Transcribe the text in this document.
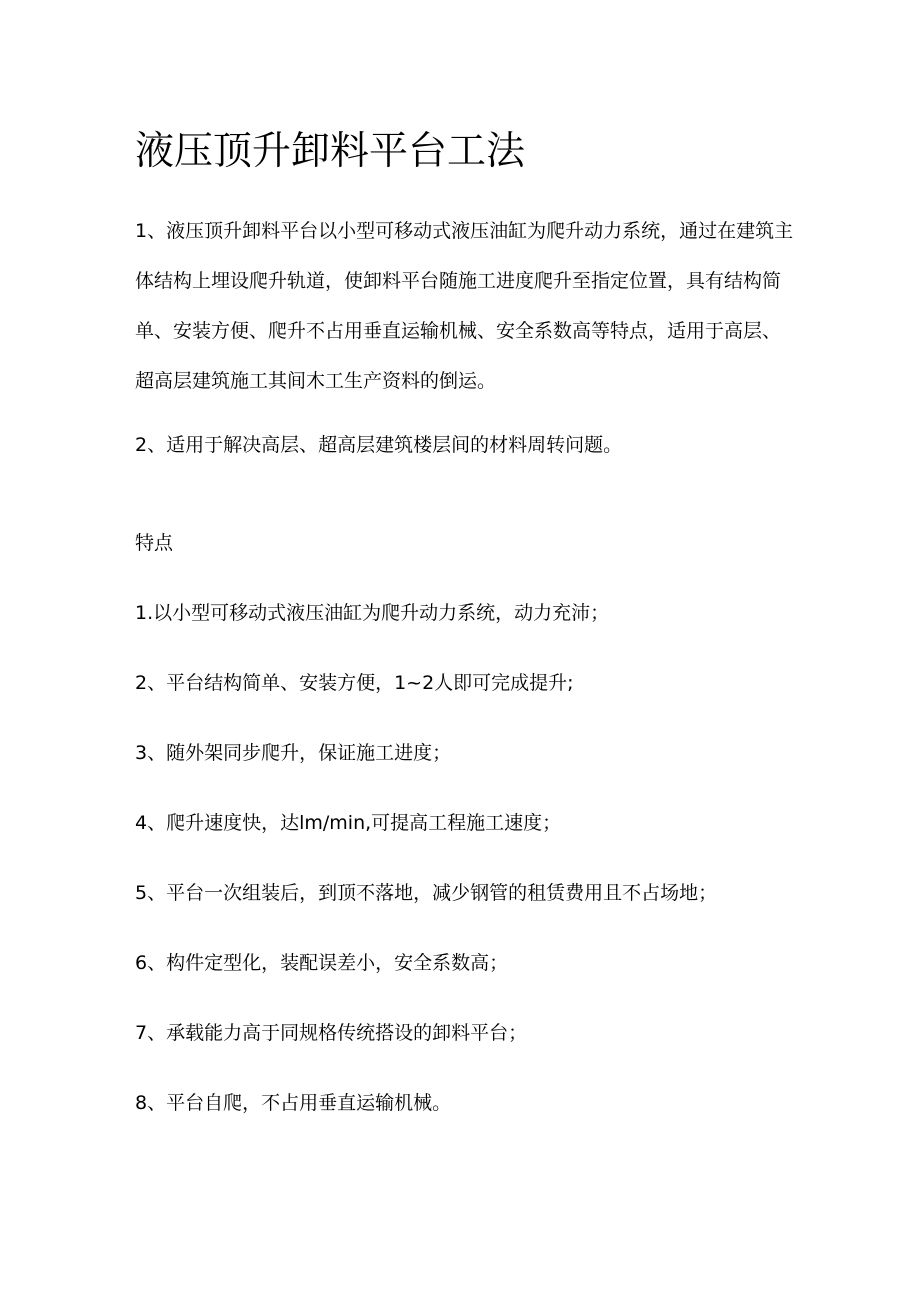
液压顶升卸料平台工法

1、液压顶升卸料平台以小型可移动式液压油缸为爬升动力系统，通过在建筑主体结构上埋设爬升轨道，使卸料平台随施工进度爬升至指定位置，具有结构简单、安装方便、爬升不占用垂直运输机械、安全系数高等特点，适用于高层、超高层建筑施工其间木工生产资料的倒运。

2、适用于解决高层、超高层建筑楼层间的材料周转问题。

特点

1.以小型可移动式液压油缸为爬升动力系统，动力充沛；

2、平台结构简单、安装方便，1~2人即可完成提升;

3、随外架同步爬升，保证施工进度；

4、爬升速度快，达lm/min,可提高工程施工速度；

5、平台一次组装后，到顶不落地，减少钢管的租赁费用且不占场地；

6、构件定型化，装配误差小，安全系数高；

7、承载能力高于同规格传统搭设的卸料平台；

8、平台自爬，不占用垂直运输机械。
